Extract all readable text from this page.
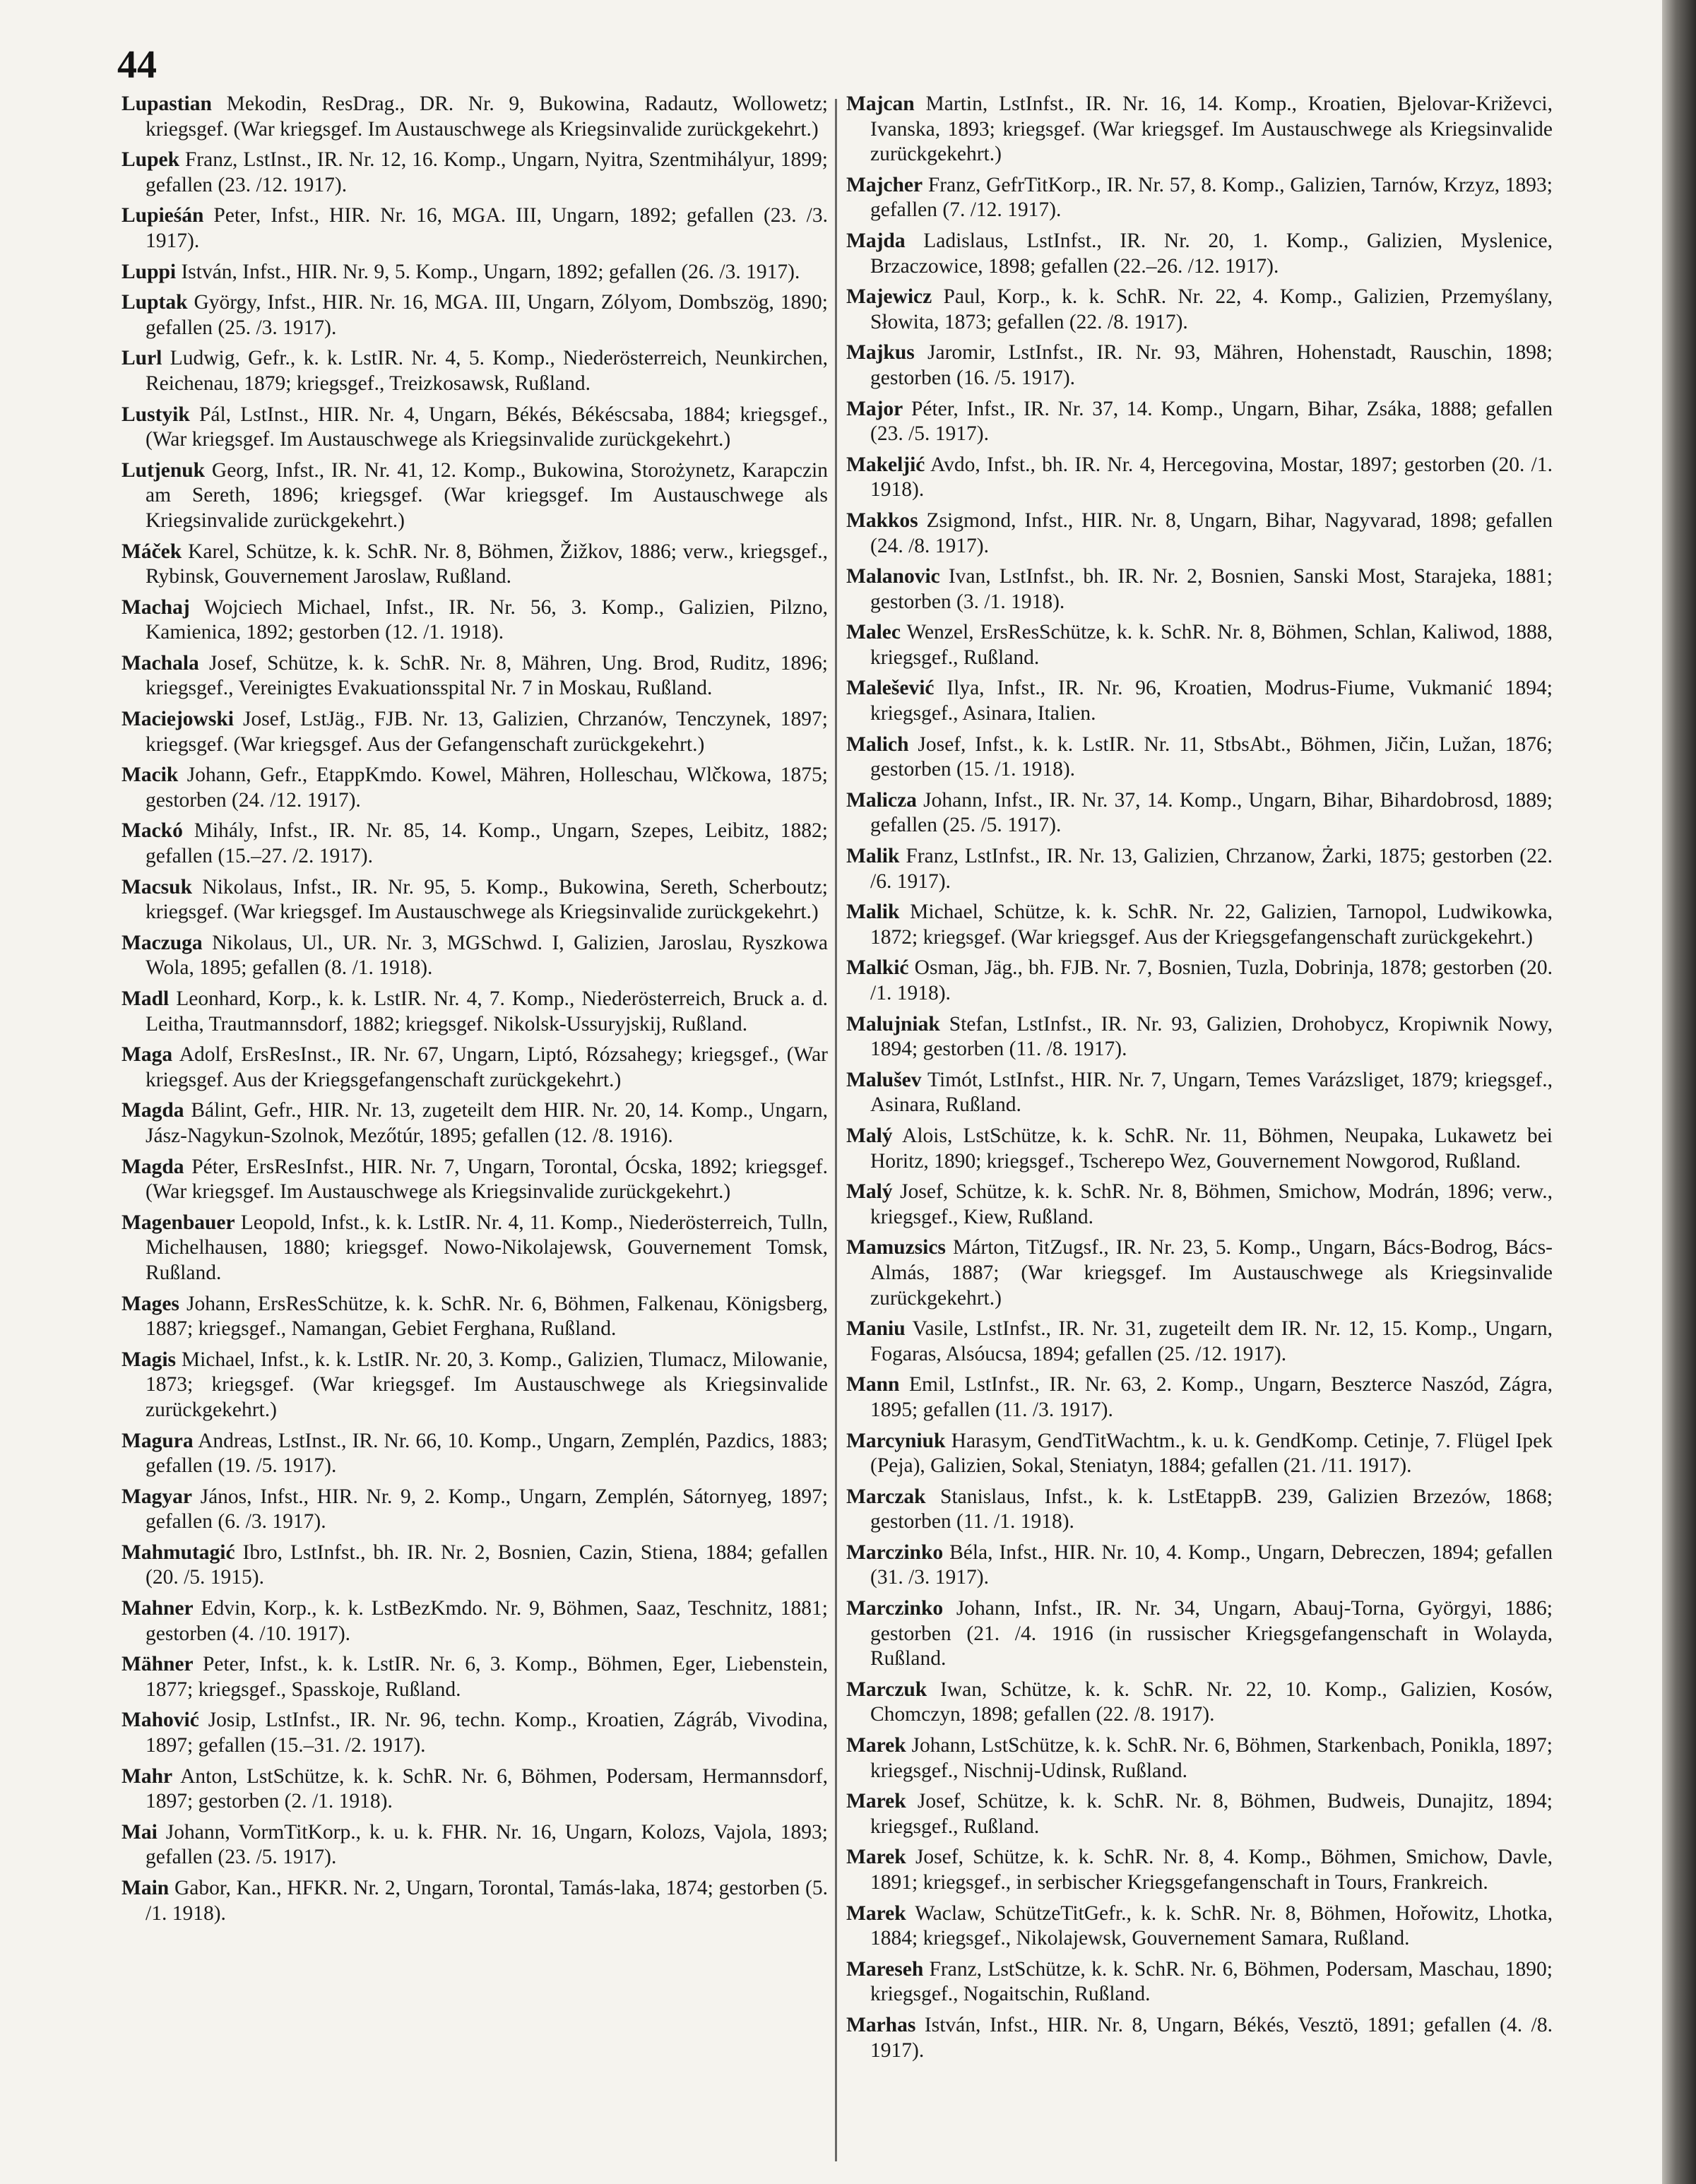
44

Lupastian Mekodin, ResDrag., DR. Nr. 9, Bukowina, Radautz, Wollowetz; kriegsgef. (War kriegsgef. Im Austauschwege als Kriegsinvalide zurückgekehrt.)

Lupek Franz, LstInst., IR. Nr. 12, 16. Komp., Ungarn, Nyitra, Szentmihályur, 1899; gefallen (23. /12. 1917).

Lupieśán Peter, Infst., HIR. Nr. 16, MGA. III, Ungarn, 1892; gefallen (23. /3. 1917).

Luppi István, Infst., HIR. Nr. 9, 5. Komp., Ungarn, 1892; gefallen (26. /3. 1917).

Luptak György, Infst., HIR. Nr. 16, MGA. III, Ungarn, Zólyom, Dombszög, 1890; gefallen (25. /3. 1917).

Lurl Ludwig, Gefr., k. k. LstIR. Nr. 4, 5. Komp., Niederösterreich, Neunkirchen, Reichenau, 1879; kriegsgef., Treizkosawsk, Rußland.

Lustyik Pál, LstInst., HIR. Nr. 4, Ungarn, Békés, Békéscsaba, 1884; kriegsgef., (War kriegsgef. Im Austauschwege als Kriegsinvalide zurückgekehrt.)

Lutjenuk Georg, Infst., IR. Nr. 41, 12. Komp., Bukowina, Storożynetz, Karapczin am Sereth, 1896; kriegsgef. (War kriegsgef. Im Austauschwege als Kriegsinvalide zurückgekehrt.)

Máček Karel, Schütze, k. k. SchR. Nr. 8, Böhmen, Žižkov, 1886; verw., kriegsgef., Rybinsk, Gouvernement Jaroslaw, Rußland.

Machaj Wojciech Michael, Infst., IR. Nr. 56, 3. Komp., Galizien, Pilzno, Kamienica, 1892; gestorben (12. /1. 1918).

Machala Josef, Schütze, k. k. SchR. Nr. 8, Mähren, Ung. Brod, Ruditz, 1896; kriegsgef., Vereinigtes Evakuationsspital Nr. 7 in Moskau, Rußland.

Maciejowski Josef, LstJäg., FJB. Nr. 13, Galizien, Chrzanów, Tenczynek, 1897; kriegsgef. (War kriegsgef. Aus der Gefangenschaft zurückgekehrt.)

Macik Johann, Gefr., EtappKmdo. Kowel, Mähren, Holleschau, Wlčkowa, 1875; gestorben (24. /12. 1917).

Mackó Mihály, Infst., IR. Nr. 85, 14. Komp., Ungarn, Szepes, Leibitz, 1882; gefallen (15.–27. /2. 1917).

Macsuk Nikolaus, Infst., IR. Nr. 95, 5. Komp., Bukowina, Sereth, Scherboutz; kriegsgef. (War kriegsgef. Im Austauschwege als Kriegsinvalide zurückgekehrt.)

Maczuga Nikolaus, Ul., UR. Nr. 3, MGSchwd. I, Galizien, Jaroslau, Ryszkowa Wola, 1895; gefallen (8. /1. 1918).

Madl Leonhard, Korp., k. k. LstIR. Nr. 4, 7. Komp., Niederösterreich, Bruck a. d. Leitha, Trautmannsdorf, 1882; kriegsgef. Nikolsk-Ussuryjskij, Rußland.

Maga Adolf, ErsResInst., IR. Nr. 67, Ungarn, Liptó, Rózsahegy; kriegsgef., (War kriegsgef. Aus der Kriegsgefangenschaft zurückgekehrt.)

Magda Bálint, Gefr., HIR. Nr. 13, zugeteilt dem HIR. Nr. 20, 14. Komp., Ungarn, Jász-Nagykun-Szolnok, Mezőtúr, 1895; gefallen (12. /8. 1916).

Magda Péter, ErsResInfst., HIR. Nr. 7, Ungarn, Torontal, Ócska, 1892; kriegsgef. (War kriegsgef. Im Austauschwege als Kriegsinvalide zurückgekehrt.)

Magenbauer Leopold, Infst., k. k. LstIR. Nr. 4, 11. Komp., Niederösterreich, Tulln, Michelhausen, 1880; kriegsgef. Nowo-Nikolajewsk, Gouvernement Tomsk, Rußland.

Mages Johann, ErsResSchütze, k. k. SchR. Nr. 6, Böhmen, Falkenau, Königsberg, 1887; kriegsgef., Namangan, Gebiet Ferghana, Rußland.

Magis Michael, Infst., k. k. LstIR. Nr. 20, 3. Komp., Galizien, Tlumacz, Milowanie, 1873; kriegsgef. (War kriegsgef. Im Austauschwege als Kriegsinvalide zurückgekehrt.)

Magura Andreas, LstInst., IR. Nr. 66, 10. Komp., Ungarn, Zemplén, Pazdics, 1883; gefallen (19. /5. 1917).

Magyar János, Infst., HIR. Nr. 9, 2. Komp., Ungarn, Zemplén, Sátornyeg, 1897; gefallen (6. /3. 1917).

Mahmutagić Ibro, LstInfst., bh. IR. Nr. 2, Bosnien, Cazin, Stiena, 1884; gefallen (20. /5. 1915).

Mahner Edvin, Korp., k. k. LstBezKmdo. Nr. 9, Böhmen, Saaz, Teschnitz, 1881; gestorben (4. /10. 1917).

Mähner Peter, Infst., k. k. LstIR. Nr. 6, 3. Komp., Böhmen, Eger, Liebenstein, 1877; kriegsgef., Spasskoje, Rußland.

Mahović Josip, LstInfst., IR. Nr. 96, techn. Komp., Kroatien, Zágráb, Vivodina, 1897; gefallen (15.–31. /2. 1917).

Mahr Anton, LstSchütze, k. k. SchR. Nr. 6, Böhmen, Podersam, Hermannsdorf, 1897; gestorben (2. /1. 1918).

Mai Johann, VormTitKorp., k. u. k. FHR. Nr. 16, Ungarn, Kolozs, Vajola, 1893; gefallen (23. /5. 1917).

Main Gabor, Kan., HFKR. Nr. 2, Ungarn, Torontal, Tamás-laka, 1874; gestorben (5. /1. 1918).

Majcan Martin, LstInfst., IR. Nr. 16, 14. Komp., Kroatien, Bjelovar-Križevci, Ivanska, 1893; kriegsgef. (War kriegsgef. Im Austauschwege als Kriegsinvalide zurückgekehrt.)

Majcher Franz, GefrTitKorp., IR. Nr. 57, 8. Komp., Galizien, Tarnów, Krzyz, 1893; gefallen (7. /12. 1917).

Majda Ladislaus, LstInfst., IR. Nr. 20, 1. Komp., Galizien, Myslenice, Brzaczowice, 1898; gefallen (22.–26. /12. 1917).

Majewicz Paul, Korp., k. k. SchR. Nr. 22, 4. Komp., Galizien, Przemyślany, Słowita, 1873; gefallen (22. /8. 1917).

Majkus Jaromir, LstInfst., IR. Nr. 93, Mähren, Hohenstadt, Rauschin, 1898; gestorben (16. /5. 1917).

Major Péter, Infst., IR. Nr. 37, 14. Komp., Ungarn, Bihar, Zsáka, 1888; gefallen (23. /5. 1917).

Makeljić Avdo, Infst., bh. IR. Nr. 4, Hercegovina, Mostar, 1897; gestorben (20. /1. 1918).

Makkos Zsigmond, Infst., HIR. Nr. 8, Ungarn, Bihar, Nagyvarad, 1898; gefallen (24. /8. 1917).

Malanovic Ivan, LstInfst., bh. IR. Nr. 2, Bosnien, Sanski Most, Starajeka, 1881; gestorben (3. /1. 1918).

Malec Wenzel, ErsResSchütze, k. k. SchR. Nr. 8, Böhmen, Schlan, Kaliwod, 1888, kriegsgef., Rußland.

Malešević Ilya, Infst., IR. Nr. 96, Kroatien, Modrus-Fiume, Vukmanić 1894; kriegsgef., Asinara, Italien.

Malich Josef, Infst., k. k. LstIR. Nr. 11, StbsAbt., Böhmen, Jičin, Lužan, 1876; gestorben (15. /1. 1918).

Malicza Johann, Infst., IR. Nr. 37, 14. Komp., Ungarn, Bihar, Bihardobrosd, 1889; gefallen (25. /5. 1917).

Malik Franz, LstInfst., IR. Nr. 13, Galizien, Chrzanow, Żarki, 1875; gestorben (22. /6. 1917).

Malik Michael, Schütze, k. k. SchR. Nr. 22, Galizien, Tarnopol, Ludwikowka, 1872; kriegsgef. (War kriegsgef. Aus der Kriegsgefangenschaft zurückgekehrt.)

Malkić Osman, Jäg., bh. FJB. Nr. 7, Bosnien, Tuzla, Dobrinja, 1878; gestorben (20. /1. 1918).

Malujniak Stefan, LstInfst., IR. Nr. 93, Galizien, Drohobycz, Kropiwnik Nowy, 1894; gestorben (11. /8. 1917).

Malušev Timót, LstInfst., HIR. Nr. 7, Ungarn, Temes Varázsliget, 1879; kriegsgef., Asinara, Rußland.

Malý Alois, LstSchütze, k. k. SchR. Nr. 11, Böhmen, Neupaka, Lukawetz bei Horitz, 1890; kriegsgef., Tscherepo Wez, Gouvernement Nowgorod, Rußland.

Malý Josef, Schütze, k. k. SchR. Nr. 8, Böhmen, Smichow, Modrán, 1896; verw., kriegsgef., Kiew, Rußland.

Mamuzsics Márton, TitZugsf., IR. Nr. 23, 5. Komp., Ungarn, Bács-Bodrog, Bács-Almás, 1887; (War kriegsgef. Im Austauschwege als Kriegsinvalide zurückgekehrt.)

Maniu Vasile, LstInfst., IR. Nr. 31, zugeteilt dem IR. Nr. 12, 15. Komp., Ungarn, Fogaras, Alsóucsa, 1894; gefallen (25. /12. 1917).

Mann Emil, LstInfst., IR. Nr. 63, 2. Komp., Ungarn, Beszterce Naszód, Zágra, 1895; gefallen (11. /3. 1917).

Marcyniuk Harasym, GendTitWachtm., k. u. k. GendKomp. Cetinje, 7. Flügel Ipek (Peja), Galizien, Sokal, Steniatyn, 1884; gefallen (21. /11. 1917).

Marczak Stanislaus, Infst., k. k. LstEtappB. 239, Galizien Brzezów, 1868; gestorben (11. /1. 1918).

Marczinko Béla, Infst., HIR. Nr. 10, 4. Komp., Ungarn, Debreczen, 1894; gefallen (31. /3. 1917).

Marczinko Johann, Infst., IR. Nr. 34, Ungarn, Abauj-Torna, Györgyi, 1886; gestorben (21. /4. 1916 (in russischer Kriegsgefangenschaft in Wolayda, Rußland.

Marczuk Iwan, Schütze, k. k. SchR. Nr. 22, 10. Komp., Galizien, Kosów, Chomczyn, 1898; gefallen (22. /8. 1917).

Marek Johann, LstSchütze, k. k. SchR. Nr. 6, Böhmen, Starkenbach, Ponikla, 1897; kriegsgef., Nischnij-Udinsk, Rußland.

Marek Josef, Schütze, k. k. SchR. Nr. 8, Böhmen, Budweis, Dunajitz, 1894; kriegsgef., Rußland.

Marek Josef, Schütze, k. k. SchR. Nr. 8, 4. Komp., Böhmen, Smichow, Davle, 1891; kriegsgef., in serbischer Kriegsgefangenschaft in Tours, Frankreich.

Marek Waclaw, SchützeTitGefr., k. k. SchR. Nr. 8, Böhmen, Hořowitz, Lhotka, 1884; kriegsgef., Nikolajewsk, Gouvernement Samara, Rußland.

Mareseh Franz, LstSchütze, k. k. SchR. Nr. 6, Böhmen, Podersam, Maschau, 1890; kriegsgef., Nogaitschin, Rußland.

Marhas István, Infst., HIR. Nr. 8, Ungarn, Békés, Vesztö, 1891; gefallen (4. /8. 1917).
